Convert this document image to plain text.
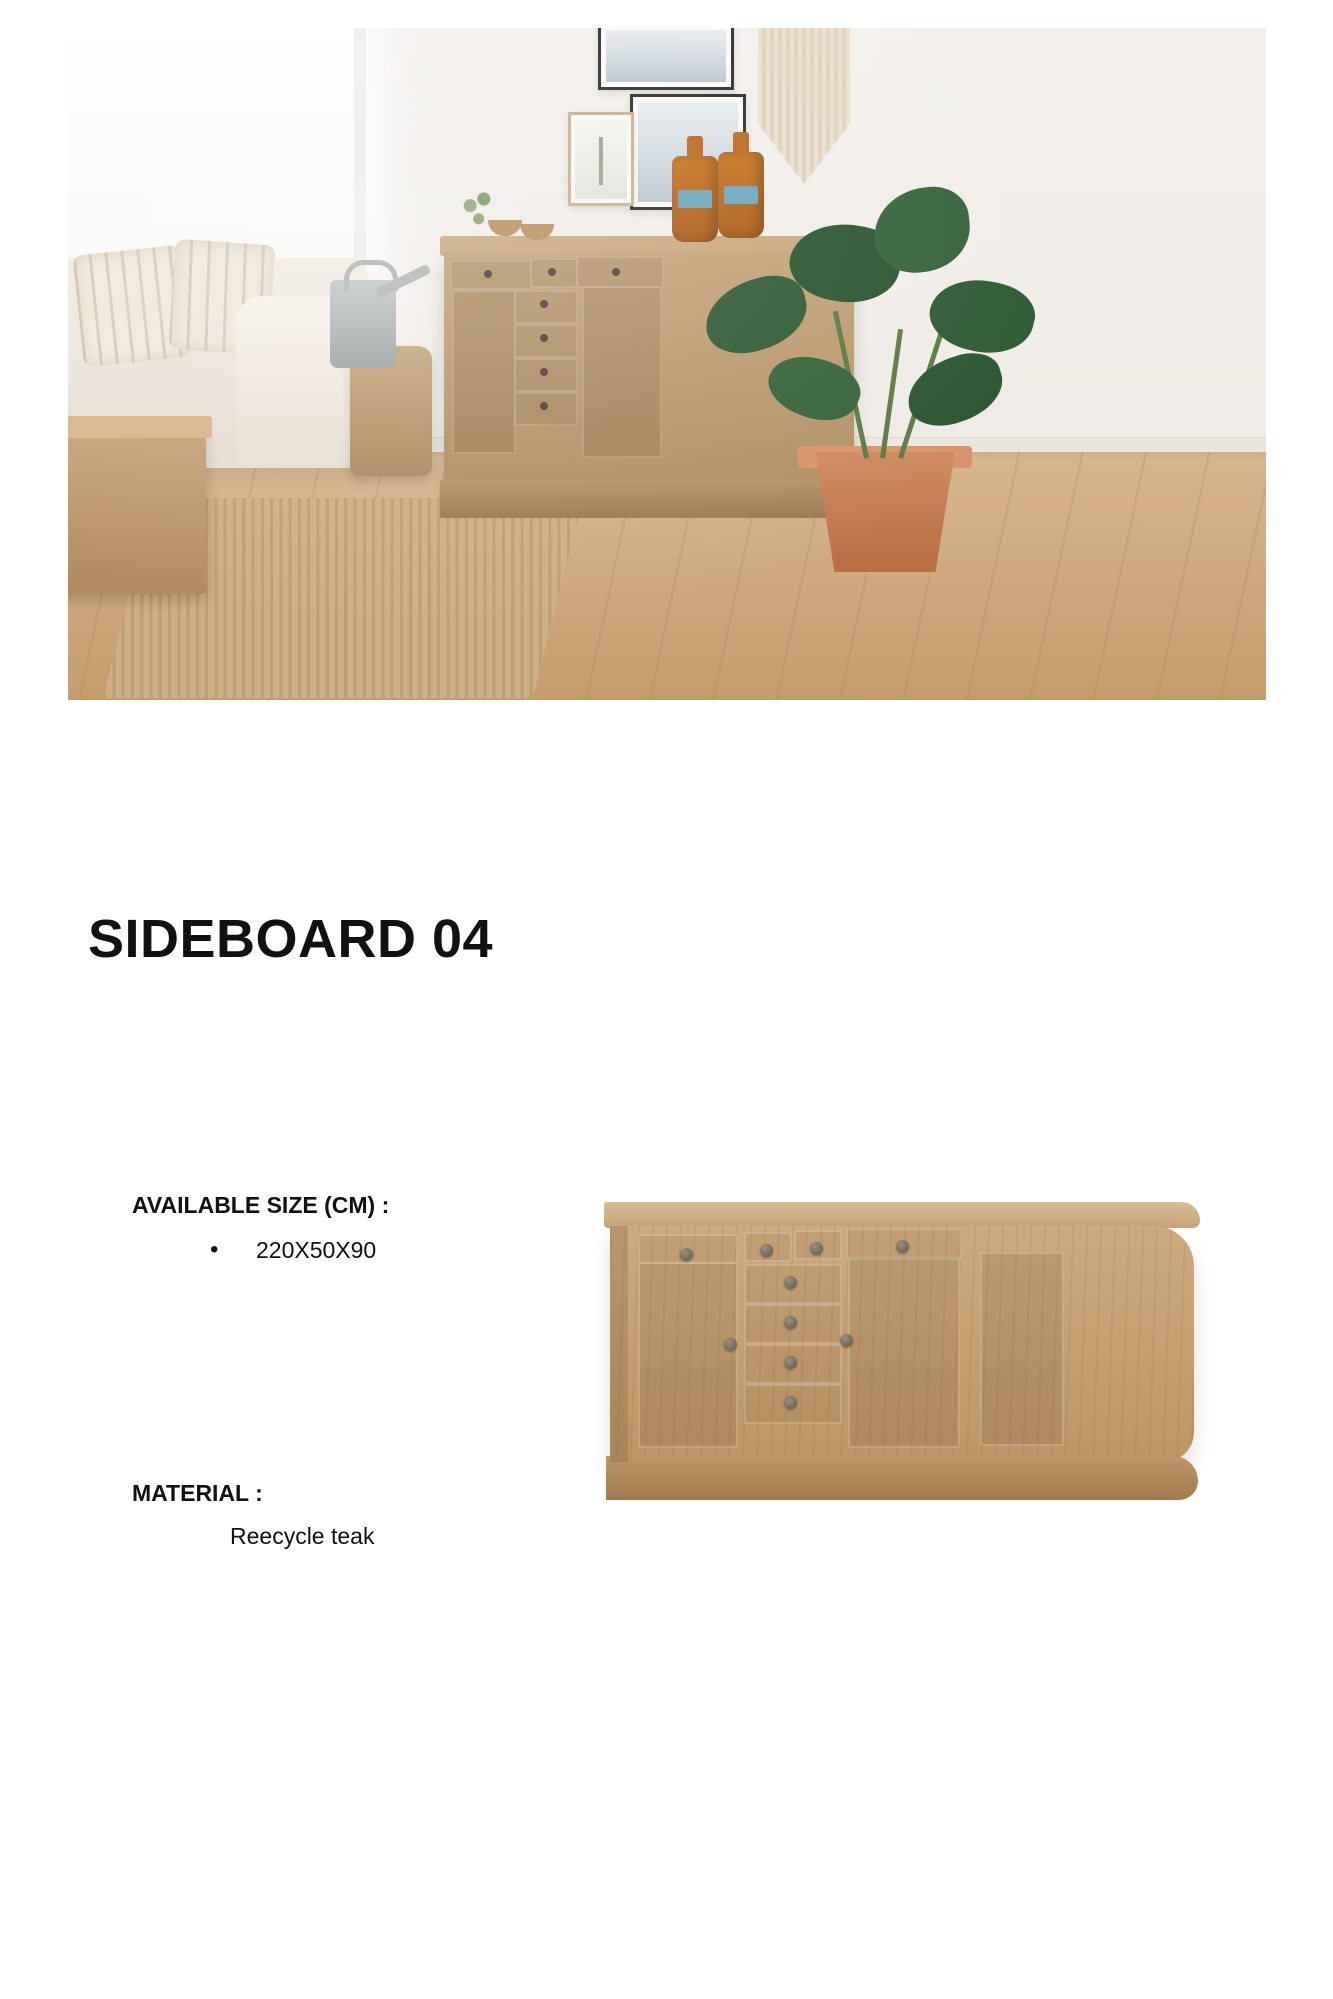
SIDEBOARD 04
AVAILABLE SIZE (CM) :
• 220X50X90
MATERIAL :
Reecycle teak
